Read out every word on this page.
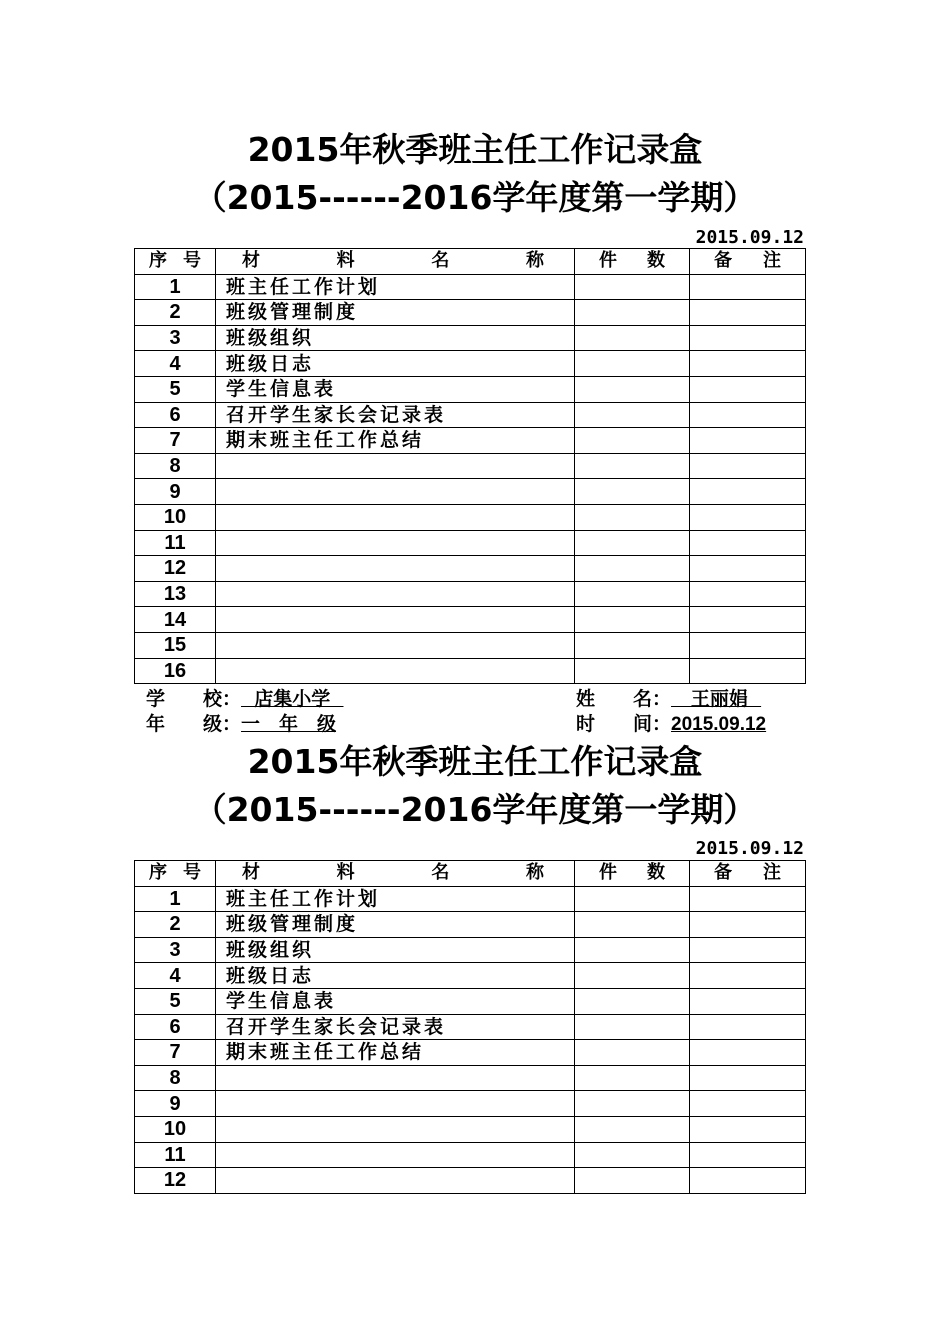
2015年秋季班主任工作记录盒
（2015------2016学年度第一学期）
2015.09.12
序 号	材 料 名 称	件 数	备 注

1	班主任工作计划		
2	班级管理制度		
3	班级组织		
4	班级日志		
5	学生信息表		
6	召开学生家长会记录表		
7	期末班主任工作总结		
8			
9			
10			
11			
12			
13			
14			
15			
16			
学　　校：  店集小学	姓　　名：   王丽娟
年　　级：一　年　级	时　　间：2015.09.12
2015年秋季班主任工作记录盒
（2015------2016学年度第一学期）
2015.09.12
序 号	材 料 名 称	件 数	备 注

1	班主任工作计划		
2	班级管理制度		
3	班级组织		
4	班级日志		
5	学生信息表		
6	召开学生家长会记录表		
7	期末班主任工作总结		
8			
9			
10			
11			
12			
